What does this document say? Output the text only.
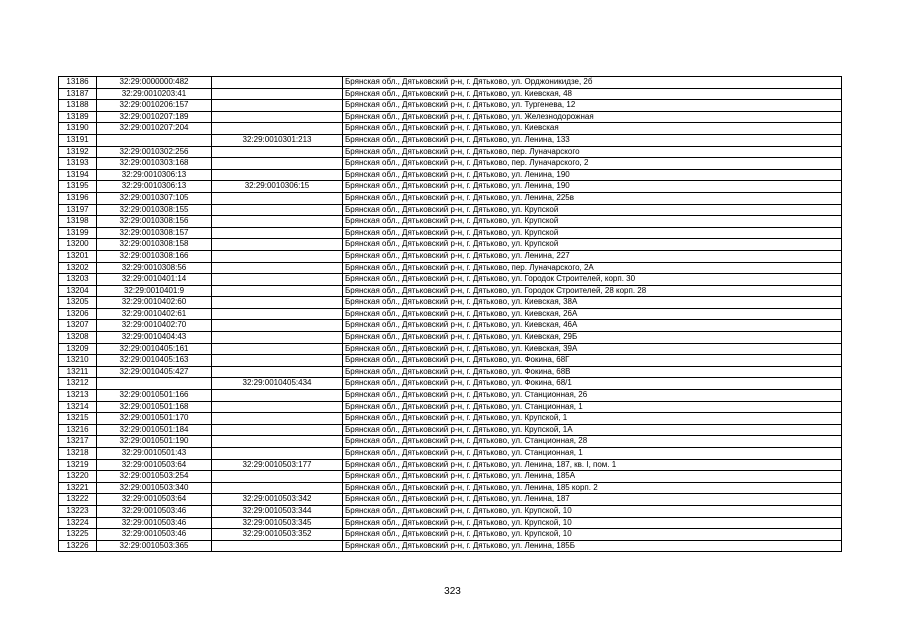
13186	32:29:0000000:482		Брянская обл., Дятьковский р-н, г. Дятьково, ул. Орджоникидзе, 2б
13187	32:29:0010203:41		Брянская обл., Дятьковский р-н, г. Дятьково, ул. Киевская, 48
13188	32:29:0010206:157		Брянская обл., Дятьковский р-н, г. Дятьково, ул. Тургенева, 12
13189	32:29:0010207:189		Брянская обл., Дятьковский р-н, г. Дятьково, ул. Железнодорожная
13190	32:29:0010207:204		Брянская обл., Дятьковский р-н, г. Дятьково, ул. Киевская
13191		32:29:0010301:213	Брянская обл., Дятьковский р-н, г. Дятьково, ул. Ленина, 133
13192	32:29:0010302:256		Брянская обл., Дятьковский р-н, г. Дятьково, пер. Луначарского
13193	32:29:0010303:168		Брянская обл., Дятьковский р-н, г. Дятьково, пер. Луначарского, 2
13194	32:29:0010306:13		Брянская обл., Дятьковский р-н, г. Дятьково, ул. Ленина, 190
13195	32:29:0010306:13	32:29:0010306:15	Брянская обл., Дятьковский р-н, г. Дятьково, ул. Ленина, 190
13196	32:29:0010307:105		Брянская обл., Дятьковский р-н, г. Дятьково, ул. Ленина, 225в
13197	32:29:0010308:155		Брянская обл., Дятьковский р-н, г. Дятьково, ул. Крупской
13198	32:29:0010308:156		Брянская обл., Дятьковский р-н, г. Дятьково, ул. Крупской
13199	32:29:0010308:157		Брянская обл., Дятьковский р-н, г. Дятьково, ул. Крупской
13200	32:29:0010308:158		Брянская обл., Дятьковский р-н, г. Дятьково, ул. Крупской
13201	32:29:0010308:166		Брянская обл., Дятьковский р-н, г. Дятьково, ул. Ленина, 227
13202	32:29:0010308:56		Брянская обл., Дятьковский р-н, г. Дятьково, пер. Луначарского, 2А
13203	32:29:0010401:14		Брянская обл., Дятьковский р-н, г. Дятьково, ул. Городок Строителей, корп. 30
13204	32:29:0010401:9		Брянская обл., Дятьковский р-н, г. Дятьково, ул. Городок Строителей, 28 корп. 28
13205	32:29:0010402:60		Брянская обл., Дятьковский р-н, г. Дятьково, ул. Киевская, 38А
13206	32:29:0010402:61		Брянская обл., Дятьковский р-н, г. Дятьково, ул. Киевская, 26А
13207	32:29:0010402:70		Брянская обл., Дятьковский р-н, г. Дятьково, ул. Киевская, 46А
13208	32:29:0010404:43		Брянская обл., Дятьковский р-н, г. Дятьково, ул. Киевская, 29Б
13209	32:29:0010405:161		Брянская обл., Дятьковский р-н, г. Дятьково, ул. Киевская, 39А
13210	32:29:0010405:163		Брянская обл., Дятьковский р-н, г. Дятьково, ул. Фокина, 68Г
13211	32:29:0010405:427		Брянская обл., Дятьковский р-н, г. Дятьково, ул. Фокина, 68В
13212		32:29:0010405:434	Брянская обл., Дятьковский р-н, г. Дятьково, ул. Фокина, 68/1
13213	32:29:0010501:166		Брянская обл., Дятьковский р-н, г. Дятьково, ул. Станционная, 26
13214	32:29:0010501:168		Брянская обл., Дятьковский р-н, г. Дятьково, ул. Станционная, 1
13215	32:29:0010501:170		Брянская обл., Дятьковский р-н, г. Дятьково, ул. Крупской, 1
13216	32:29:0010501:184		Брянская обл., Дятьковский р-н, г. Дятьково, ул. Крупской, 1А
13217	32:29:0010501:190		Брянская обл., Дятьковский р-н, г. Дятьково, ул. Станционная, 28
13218	32:29:0010501:43		Брянская обл., Дятьковский р-н, г. Дятьково, ул. Станционная, 1
13219	32:29:0010503:64	32:29:0010503:177	Брянская обл., Дятьковский р-н, г. Дятьково, ул. Ленина, 187, кв. I, пом. 1
13220	32:29:0010503:254		Брянская обл., Дятьковский р-н, г. Дятьково, ул. Ленина, 185А
13221	32:29:0010503:340		Брянская обл., Дятьковский р-н, г. Дятьково, ул. Ленина, 185 корп. 2
13222	32:29:0010503:64	32:29:0010503:342	Брянская обл., Дятьковский р-н, г. Дятьково, ул. Ленина, 187
13223	32:29:0010503:46	32:29:0010503:344	Брянская обл., Дятьковский р-н, г. Дятьково, ул. Крупской, 10
13224	32:29:0010503:46	32:29:0010503:345	Брянская обл., Дятьковский р-н, г. Дятьково, ул. Крупской, 10
13225	32:29:0010503:46	32:29:0010503:352	Брянская обл., Дятьковский р-н, г. Дятьково, ул. Крупской, 10
13226	32:29:0010503:365		Брянская обл., Дятьковский р-н, г. Дятьково, ул. Ленина, 185Б
323
